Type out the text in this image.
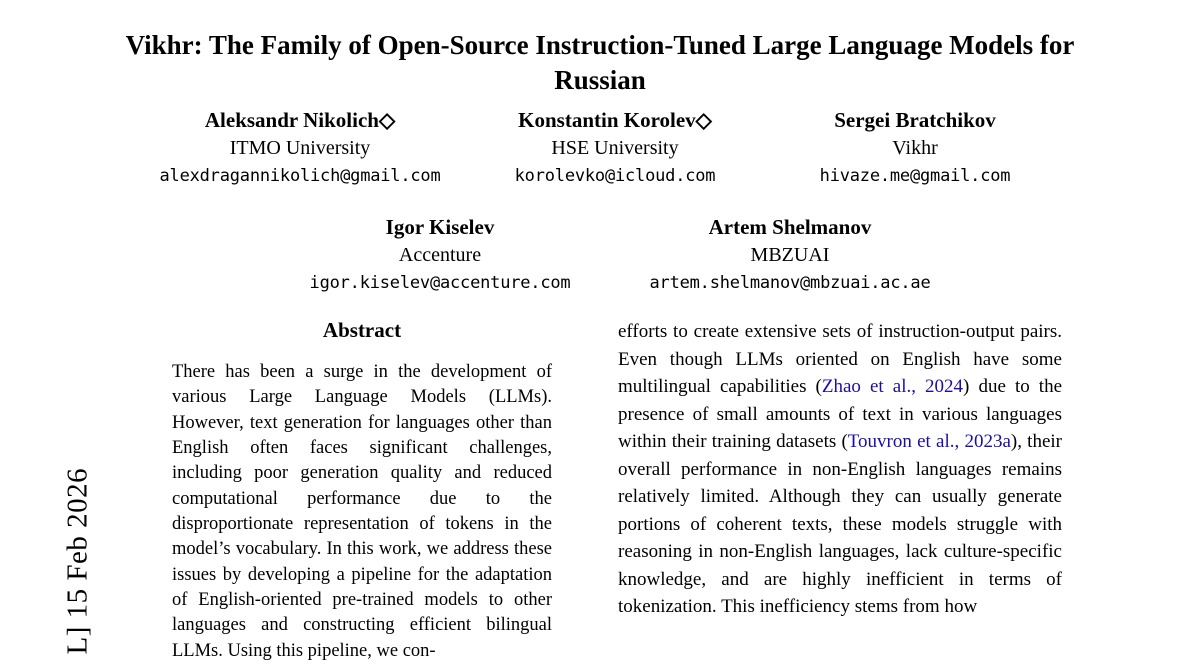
L] 15 Feb 2026
Vikhr: The Family of Open-Source Instruction-Tuned Large Language Models for Russian
Aleksandr Nikolich◇
ITMO University
alexdragannikolich@gmail.com
Konstantin Korolev◇
HSE University
korolevko@icloud.com
Sergei Bratchikov
Vikhr
hivaze.me@gmail.com
Igor Kiselev
Accenture
igor.kiselev@accenture.com
Artem Shelmanov
MBZUAI
artem.shelmanov@mbzuai.ac.ae
Abstract
There has been a surge in the development of various Large Language Models (LLMs). However, text generation for languages other than English often faces significant challenges, including poor generation quality and reduced computational performance due to the disproportionate representation of tokens in the model’s vocabulary. In this work, we address these issues by developing a pipeline for the adaptation of English-oriented pre-trained models to other languages and constructing efficient bilingual LLMs. Using this pipeline, we con-
efforts to create extensive sets of instruction-output pairs. Even though LLMs oriented on English have some multilingual capabilities (Zhao et al., 2024) due to the presence of small amounts of text in various languages within their training datasets (Touvron et al., 2023a), their overall performance in non-English languages remains relatively limited. Although they can usually generate portions of coherent texts, these models struggle with reasoning in non-English languages, lack culture-specific knowledge, and are highly inefficient in terms of tokenization. This inefficiency stems from how
